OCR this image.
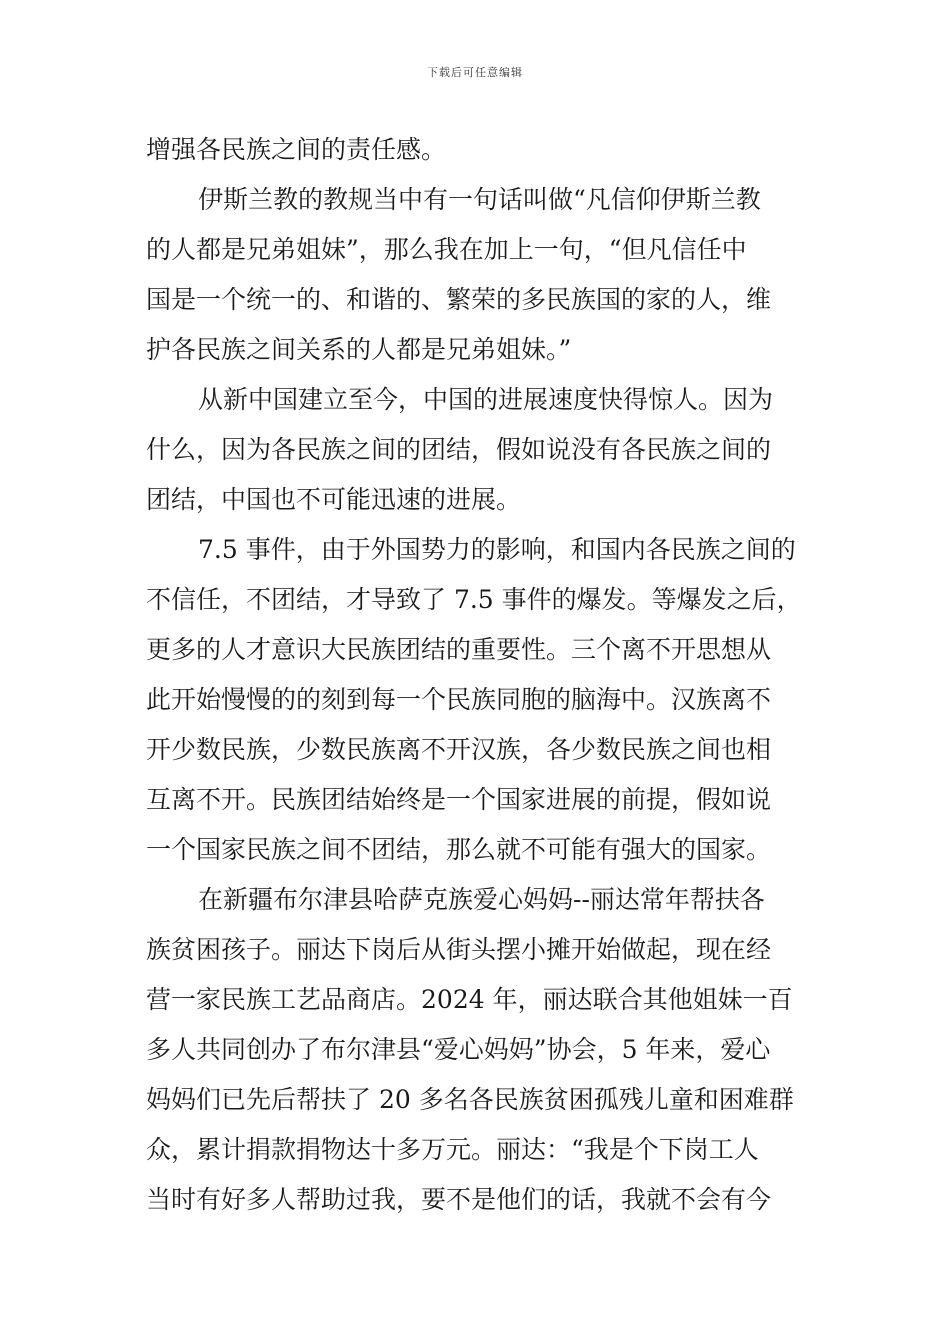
下载后可任意编辑
增强各民族之间的责任感。
伊斯兰教的教规当中有一句话叫做“凡信仰伊斯兰教
的人都是兄弟姐妹”，那么我在加上一句，“但凡信任中
国是一个统一的、和谐的、繁荣的多民族国的家的人，维
护各民族之间关系的人都是兄弟姐妹。”
从新中国建立至今，中国的进展速度快得惊人。因为
什么，因为各民族之间的团结，假如说没有各民族之间的
团结，中国也不可能迅速的进展。
7.5 事件，由于外国势力的影响，和国内各民族之间的
不信任，不团结，才导致了 7.5 事件的爆发。等爆发之后，
更多的人才意识大民族团结的重要性。三个离不开思想从
此开始慢慢的的刻到每一个民族同胞的脑海中。汉族离不
开少数民族，少数民族离不开汉族，各少数民族之间也相
互离不开。民族团结始终是一个国家进展的前提，假如说
一个国家民族之间不团结，那么就不可能有强大的国家。
在新疆布尔津县哈萨克族爱心妈妈--丽达常年帮扶各
族贫困孩子。丽达下岗后从街头摆小摊开始做起，现在经
营一家民族工艺品商店。2024 年，丽达联合其他姐妹一百
多人共同创办了布尔津县“爱心妈妈”协会，5 年来，爱心
妈妈们已先后帮扶了 20 多名各民族贫困孤残儿童和困难群
众，累计捐款捐物达十多万元。丽达：“我是个下岗工人
当时有好多人帮助过我，要不是他们的话，我就不会有今
